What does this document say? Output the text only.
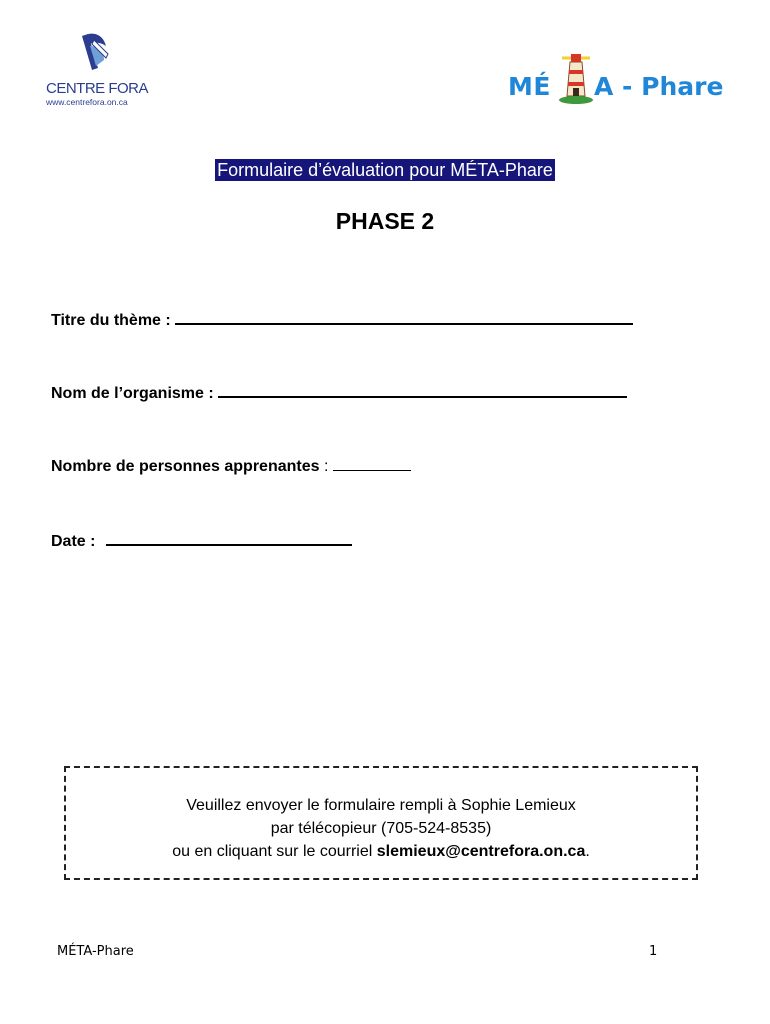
CENTRE FORA
www.centrefora.on.ca
MÉ A - Phare
Formulaire d’évaluation pour MÉTA-Phare
PHASE 2
Titre du thème :
Nom de l’organisme :
Nombre de personnes apprenantes :
Date :
Veuillez envoyer le formulaire rempli à Sophie Lemieux
par télécopieur (705-524-8535)
ou en cliquant sur le courriel slemieux@centrefora.on.ca.
MÉTA-Phare	1
